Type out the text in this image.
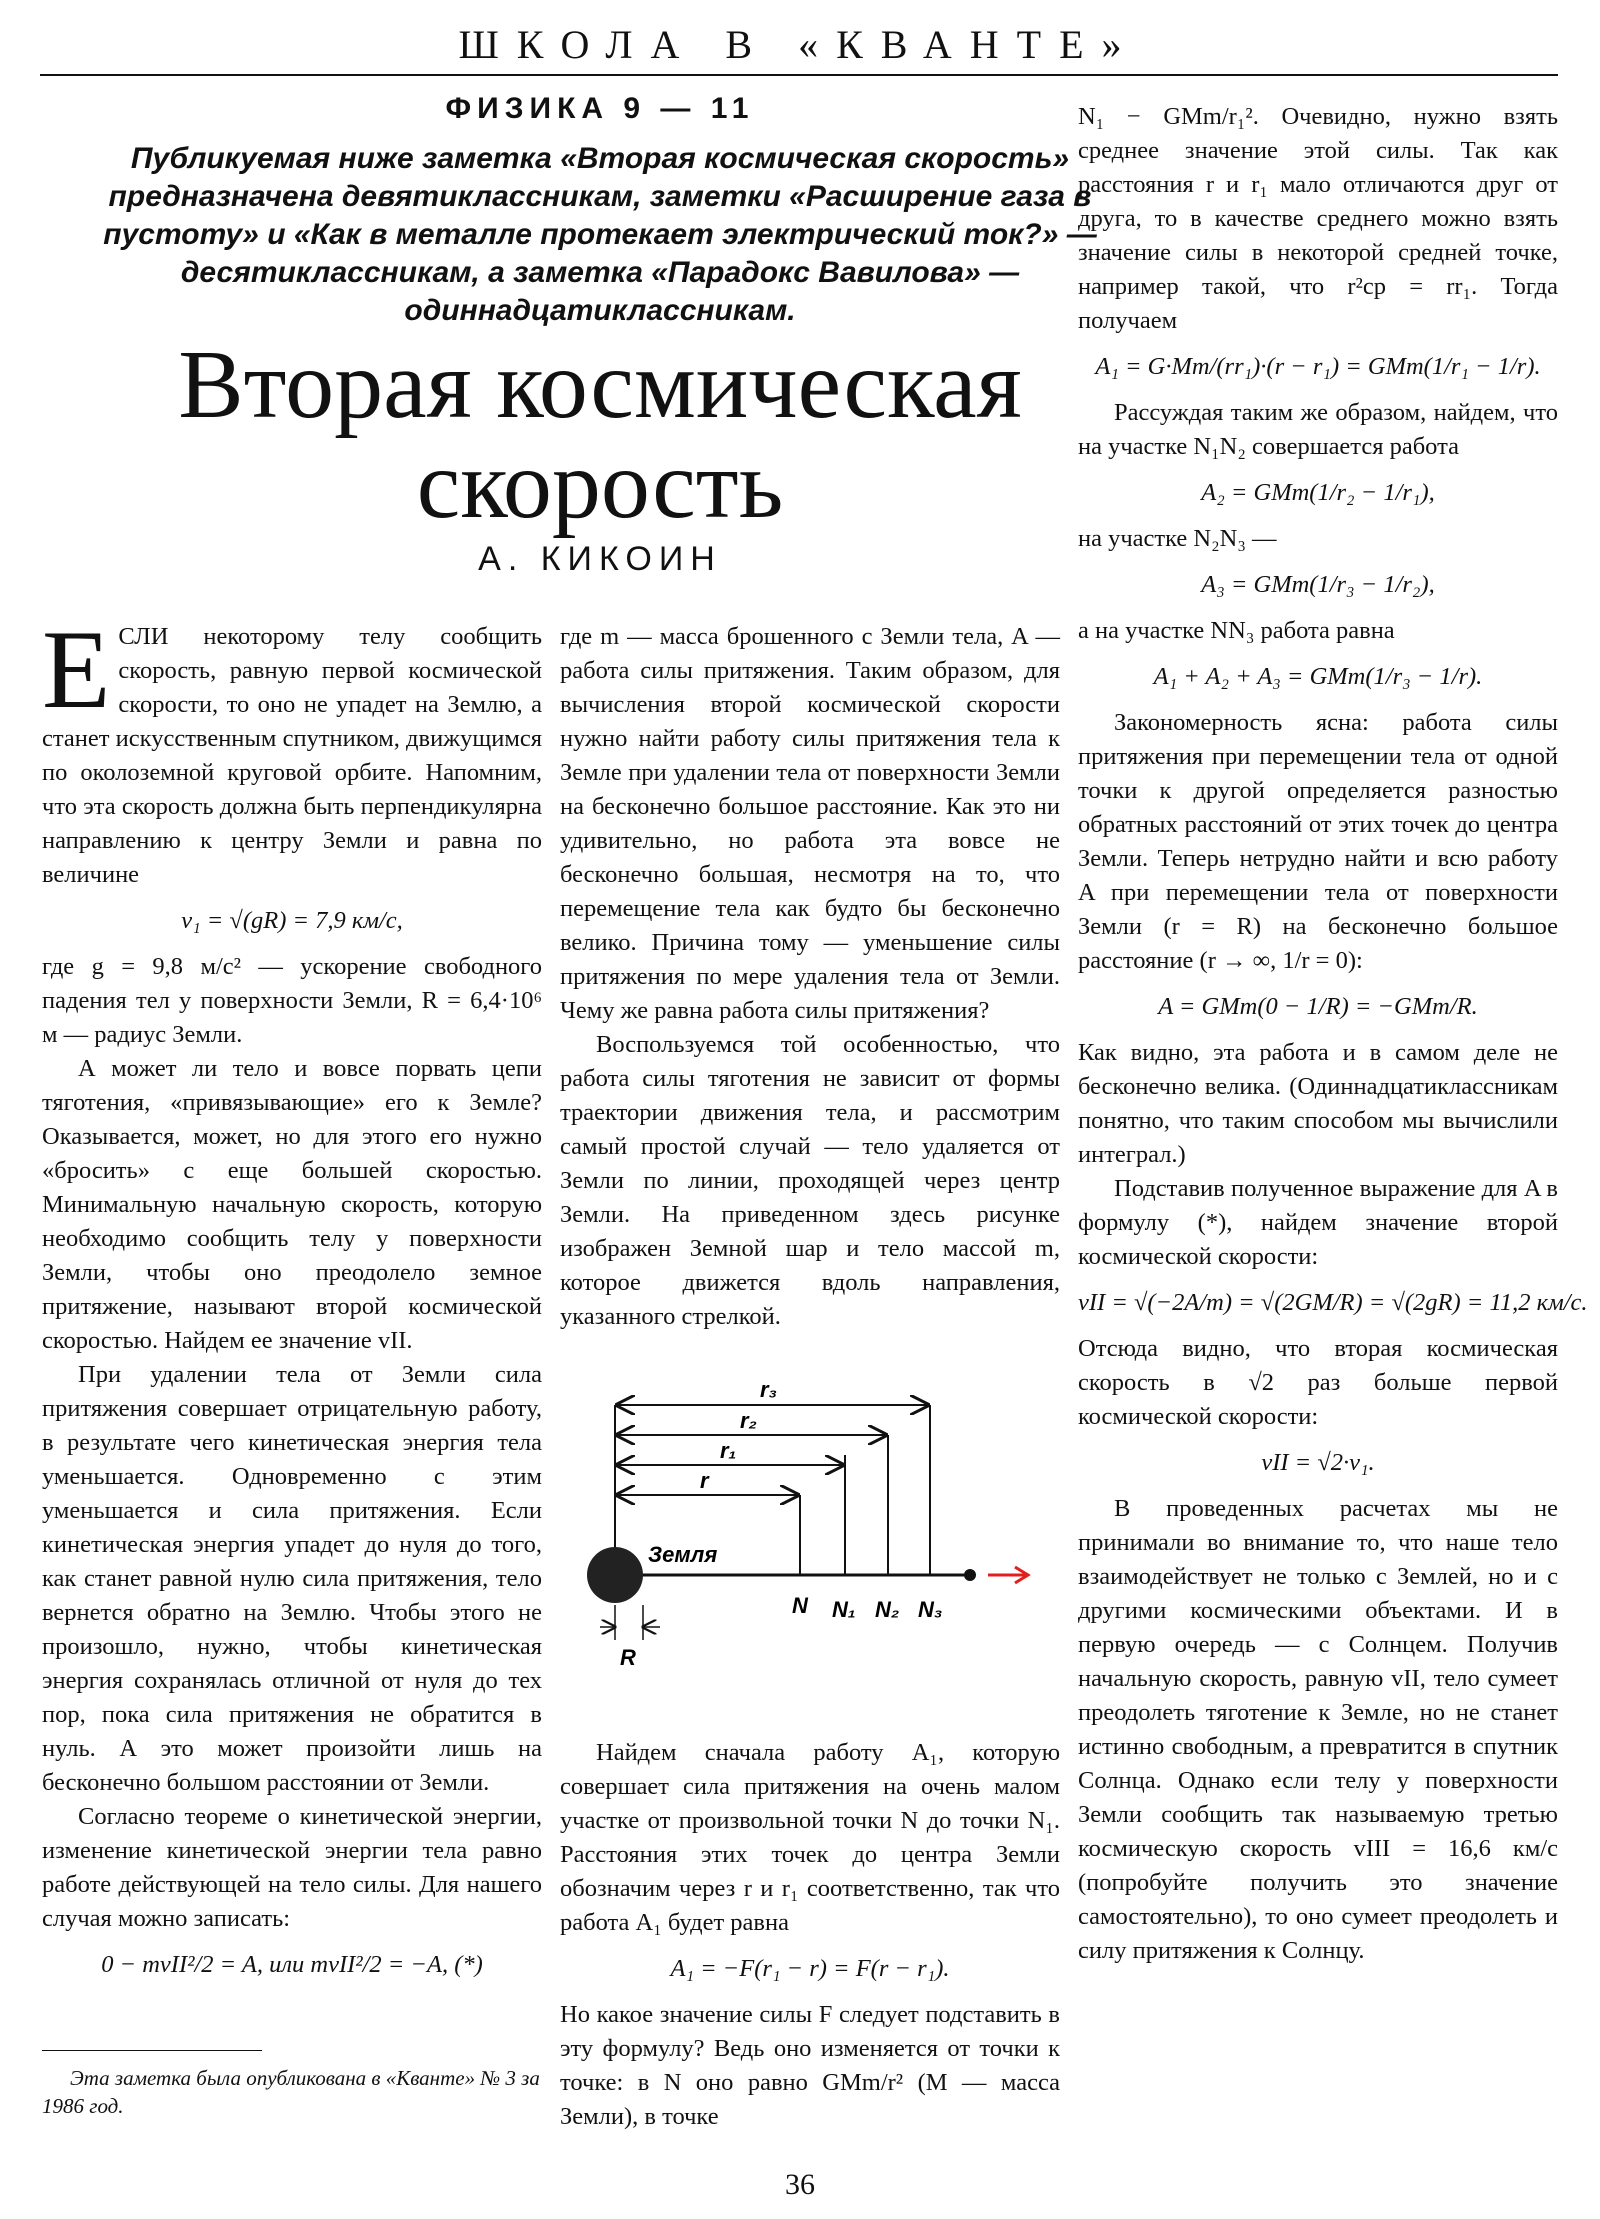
ШКОЛА В «КВАНТЕ»
ФИЗИКА 9 — 11
Публикуемая ниже заметка «Вторая космическая скорость» предназначена девятиклассникам, заметки «Расширение газа в пустоту» и «Как в металле протекает электрический ток?» — десятиклассникам, а заметка «Парадокс Вавилова» — одиннадцатиклассникам.
Вторая космическая
скорость
А. КИКОИН

ЕСЛИ некоторому телу сообщить скорость, равную первой космической скорости, то оно не упадет на Землю, а станет искусственным спутником, движущимся по околоземной круговой орбите. Напомним, что эта скорость должна быть перпендикулярна направлению к центру Земли и равна по величине

v₁ = √(gR) = 7,9 км/с,

где g = 9,8 м/с² — ускорение свободного падения тел у поверхности Земли, R = 6,4·10⁶ м — радиус Земли.

А может ли тело и вовсе порвать цепи тяготения, «привязывающие» его к Земле? Оказывается, может, но для этого его нужно «бросить» с еще большей скоростью. Минимальную начальную скорость, которую необходимо сообщить телу у поверхности Земли, чтобы оно преодолело земное притяжение, называют второй космической скоростью. Найдем ее значение vII.

При удалении тела от Земли сила притяжения совершает отрицательную работу, в результате чего кинетическая энергия тела уменьшается. Одновременно с этим уменьшается и сила притяжения. Если кинетическая энергия упадет до нуля до того, как станет равной нулю сила притяжения, тело вернется обратно на Землю. Чтобы этого не произошло, нужно, чтобы кинетическая энергия сохранялась отличной от нуля до тех пор, пока сила притяжения не обратится в нуль. А это может произойти лишь на бесконечно большом расстоянии от Земли.

Согласно теореме о кинетической энергии, изменение кинетической энергии тела равно работе действующей на тело силы. Для нашего случая можно записать:

0 − mvII²/2 = A, или mvII²/2 = −A, (*)
Эта заметка была опубликована в «Кванте» № 3 за 1986 год.

где m — масса брошенного с Земли тела, A — работа силы притяжения. Таким образом, для вычисления второй космической скорости нужно найти работу силы притяжения тела к Земле при удалении тела от поверхности Земли на бесконечно большое расстояние. Как это ни удивительно, но работа эта вовсе не бесконечно большая, несмотря на то, что перемещение тела как будто бы бесконечно велико. Причина тому — уменьшение силы притяжения по мере удаления тела от Земли. Чему же равна работа силы притяжения?

Воспользуемся той особенностью, что работа силы тяготения не зависит от формы траектории движения тела, и рассмотрим самый простой случай — тело удаляется от Земли по линии, проходящей через центр Земли. На приведенном здесь рисунке изображен Земной шар и тело массой m, которое движется вдоль направления, указанного стрелкой.

Найдем сначала работу A₁, которую совершает сила притяжения на очень малом участке от произвольной точки N до точки N₁. Расстояния этих точек до центра Земли обозначим через r и r₁ соответственно, так что работа A₁ будет равна

A₁ = −F(r₁ − r) = F(r − r₁).

Но какое значение силы F следует подставить в эту формулу? Ведь оно изменяется от точки к точке: в N оно равно GMm/r² (M — масса Земли), в точке

r₃
r₂
r₁
r
Земля
R
N N₁ N₂ N₃

N₁ − GMm/r₁². Очевидно, нужно взять среднее значение этой силы. Так как расстояния r и r₁ мало отличаются друг от друга, то в качестве среднего можно взять значение силы в некоторой средней точке, например такой, что r²ср = rr₁. Тогда получаем

A₁ = G·Mm/(rr₁)·(r − r₁) = GMm(1/r₁ − 1/r).

Рассуждая таким же образом, найдем, что на участке N₁N₂ совершается работа

A₂ = GMm(1/r₂ − 1/r₁),

на участке N₂N₃ —

A₃ = GMm(1/r₃ − 1/r₂),

а на участке NN₃ работа равна

A₁ + A₂ + A₃ = GMm(1/r₃ − 1/r).

Закономерность ясна: работа силы притяжения при перемещении тела от одной точки к другой определяется разностью обратных расстояний от этих точек до центра Земли. Теперь нетрудно найти и всю работу A при перемещении тела от поверхности Земли (r = R) на бесконечно большое расстояние (r → ∞, 1/r = 0):

A = GMm(0 − 1/R) = −GMm/R.

Как видно, эта работа и в самом деле не бесконечно велика. (Одиннадцатиклассникам понятно, что таким способом мы вычислили интеграл.)

Подставив полученное выражение для A в формулу (*), найдем значение второй космической скорости:

vII = √(−2A/m) = √(2GM/R) = √(2gR) = 11,2 км/с.

Отсюда видно, что вторая космическая скорость в √2 раз больше первой космической скорости:

vII = √2·v₁.

В проведенных расчетах мы не принимали во внимание то, что наше тело взаимодействует не только с Землей, но и с другими космическими объектами. И в первую очередь — с Солнцем. Получив начальную скорость, равную vII, тело сумеет преодолеть тяготение к Земле, но не станет истинно свободным, а превратится в спутник Солнца. Однако если телу у поверхности Земли сообщить так называемую третью космическую скорость vIII = 16,6 км/с (попробуйте получить это значение самостоятельно), то оно сумеет преодолеть и силу притяжения к Солнцу.

36
